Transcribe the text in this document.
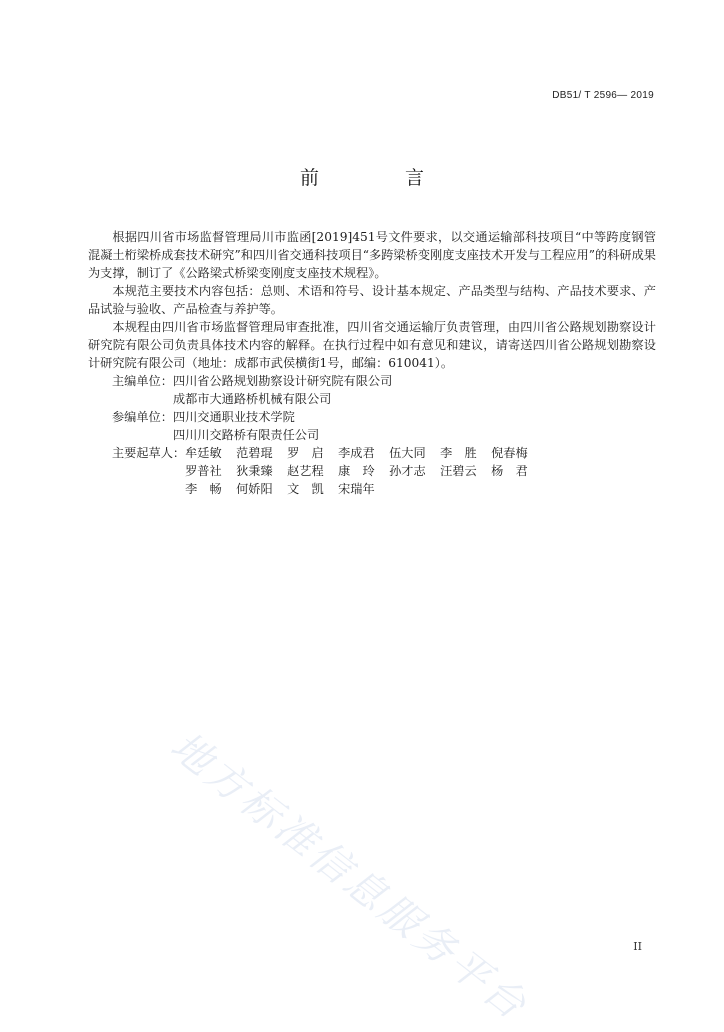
DB51/ T 2596— 2019
前 言

根据四川省市场监督管理局川市监函[2019]451号文件要求，以交通运输部科技项目“中等跨度钢管混凝土桁梁桥成套技术研究”和四川省交通科技项目“多跨梁桥变刚度支座技术开发与工程应用”的科研成果为支撑，制订了《公路梁式桥梁变刚度支座技术规程》。

本规范主要技术内容包括：总则、术语和符号、设计基本规定、产品类型与结构、产品技术要求、产品试验与验收、产品检查与养护等。

本规程由四川省市场监督管理局审查批准，四川省交通运输厅负责管理，由四川省公路规划勘察设计研究院有限公司负责具体技术内容的解释。在执行过程中如有意见和建议，请寄送四川省公路规划勘察设计研究院有限公司（地址：成都市武侯横街1号，邮编：610041）。

主编单位： 四川省公路规划勘察设计研究院有限公司
成都市大通路桥机械有限公司
参编单位： 四川交通职业技术学院
四川川交路桥有限责任公司
主要起草人： 牟廷敏	范碧琨	罗　启	李成君	伍大同	李　胜	倪春梅
罗普社	狄秉臻	赵艺程	康　玲	孙才志	汪碧云	杨　君
李　畅	何娇阳	文　凯	宋瑞年
地方标准信息服务平台	II
